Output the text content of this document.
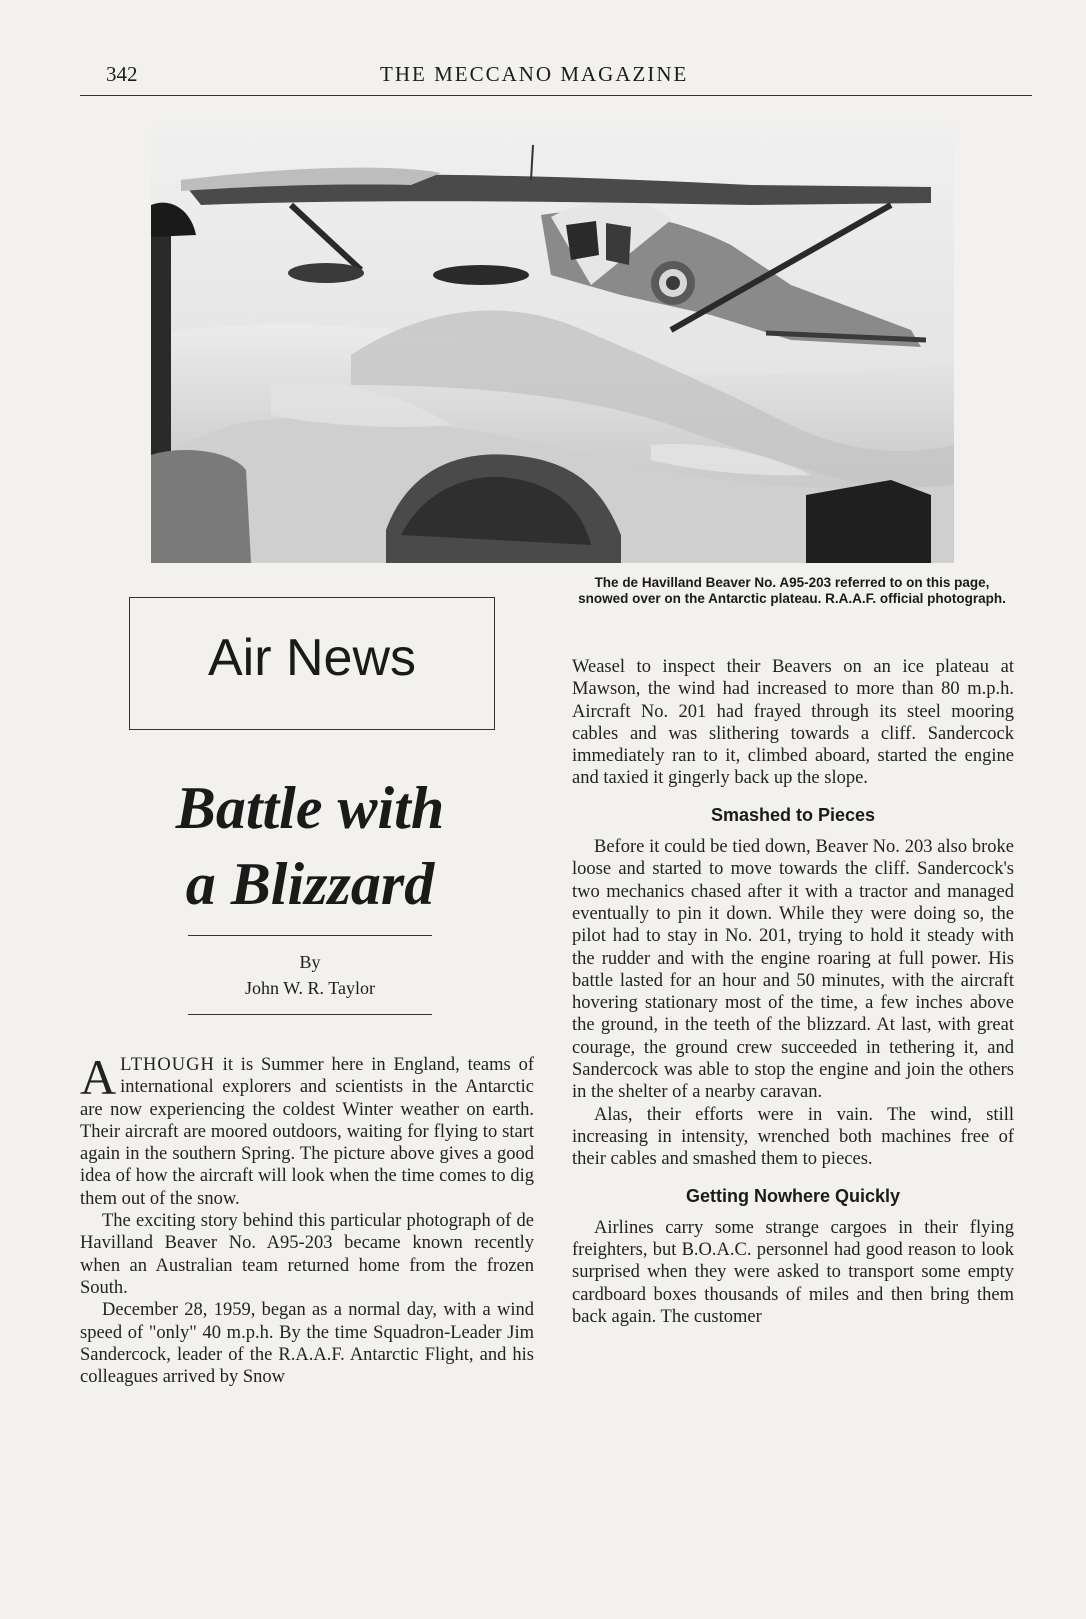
342	THE MECCANO MAGAZINE
The de Havilland Beaver No. A95-203 referred to on this page, snowed over on the Antarctic plateau. R.A.A.F. official photograph.
Air News
Battle with
a Blizzard
By
John W. R. Taylor

ALTHOUGH it is Summer here in England, teams of international explorers and scientists in the Antarctic are now experiencing the coldest Winter weather on earth. Their aircraft are moored outdoors, waiting for flying to start again in the southern Spring. The picture above gives a good idea of how the aircraft will look when the time comes to dig them out of the snow.

The exciting story behind this particular photograph of de Havilland Beaver No. A95-203 became known recently when an Australian team returned home from the frozen South.

December 28, 1959, began as a normal day, with a wind speed of "only" 40 m.p.h. By the time Squadron-Leader Jim Sandercock, leader of the R.A.A.F. Antarctic Flight, and his colleagues arrived by Snow

Weasel to inspect their Beavers on an ice plateau at Mawson, the wind had increased to more than 80 m.p.h. Aircraft No. 201 had frayed through its steel mooring cables and was slithering towards a cliff. Sandercock immediately ran to it, climbed aboard, started the engine and taxied it gingerly back up the slope.

Smashed to Pieces

Before it could be tied down, Beaver No. 203 also broke loose and started to move towards the cliff. Sandercock's two mechanics chased after it with a tractor and managed eventually to pin it down. While they were doing so, the pilot had to stay in No. 201, trying to hold it steady with the rudder and with the engine roaring at full power. His battle lasted for an hour and 50 minutes, with the aircraft hovering stationary most of the time, a few inches above the ground, in the teeth of the blizzard. At last, with great courage, the ground crew succeeded in tethering it, and Sandercock was able to stop the engine and join the others in the shelter of a nearby caravan.

Alas, their efforts were in vain. The wind, still increasing in intensity, wrenched both machines free of their cables and smashed them to pieces.

Getting Nowhere Quickly

Airlines carry some strange cargoes in their flying freighters, but B.O.A.C. personnel had good reason to look surprised when they were asked to transport some empty cardboard boxes thousands of miles and then bring them back again. The customer
